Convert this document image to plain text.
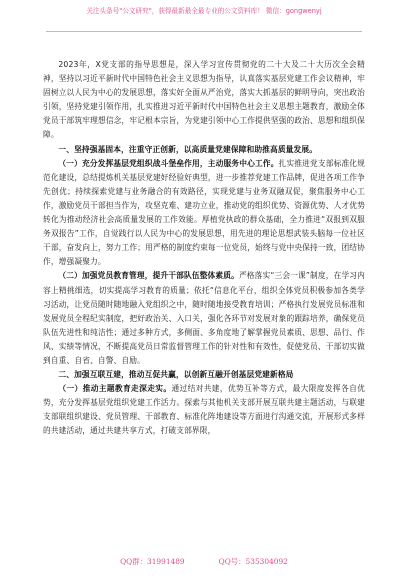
关注头条号"公文研究"，获得最新最全最专业的公文资料库！ 微信：gongwenyj

2023年，X党支部的指导思想是，深入学习宣传贯彻党的二十大及二十大历次全会精神，坚持以习近平新时代中国特色社会主义思想为指导，认真落实基层党建工作会议精神，牢固树立以人民为中心的发展思想，落实好全面从严治党，落实大抓基层的鲜明导向，突出政治引领，坚持党建引领作用，扎实推进习近平新时代中国特色社会主义思想主题教育，激励全体党员干部筑牢理想信念，牢记根本宗旨，为党建引领中心工作提供坚强的政治、思想和组织保障。

一、坚持强基固本，注重守正创新，以高质量党建保障和助推高质量发展。

（一）充分发挥基层党组织战斗堡垒作用，主动服务中心工作。扎实推进党支部标准化规范化建设，总结提炼机关基层党建好经验好典型，进一步推荐党建工作品牌，促进各项工作争先创优；持续探索党建与业务融合的有效路径，实现党建与业务双融双促，聚焦服务中心工作，激励党员干部担当作为，攻坚克难、建功立业，推动党的组织优势、资源优势、人才优势转化为推动经济社会高质量发展的工作效能。厚植党执政的群众基础，全力推进“双报到双服务双报告”工作，自觉践行以人民为中心的发展思想，用先进的理论思想武装头脑每一位社区干部，奋发向上，努力工作；用严格的制度约束每一位党员，始终与党中央保持一致，团结协作，增强凝聚力。

（二）加强党员教育管理，提升干部队伍整体素质。严格落实“三会一课”制度，在学习内容上精挑细选，切实提高学习教育的质量；依托“信息化平台，组织全体党员积极参加各类学习活动，让党员随时随地融入党组织之中，随时随地接受教育培训；严格执行发展党员标准和发展党员全程纪实制度，把好政治关、入口关，强化各环节对发展对象的跟踪培养，确保党员队伍先进性和纯洁性；通过多种方式，多侧面、多角度地了解掌握党员素质、思想、品行、作风、实绩等情况，不断提高党员日常监督管理工作的针对性和有效性，促使党员、干部切实做到自重、自省、自警、自励。

二、加强互联互建，推动互促共赢，以创新互融开创基层党建新格局

（一）推动主题教育走深走实。通过结对共建，优势互补等方式，最大限度发挥各自优势，充分发挥基层党组织党建工作活力。探索与其他机关支部开展互联共建主题活动，与联建支部联组织建设、党员管理、干部教育、标准化阵地建设等方面进行沟通交流，开展形式多样的共建活动，通过共建共享方式，打破支部界限，

QQ群：31991489	QQ号：535304092
